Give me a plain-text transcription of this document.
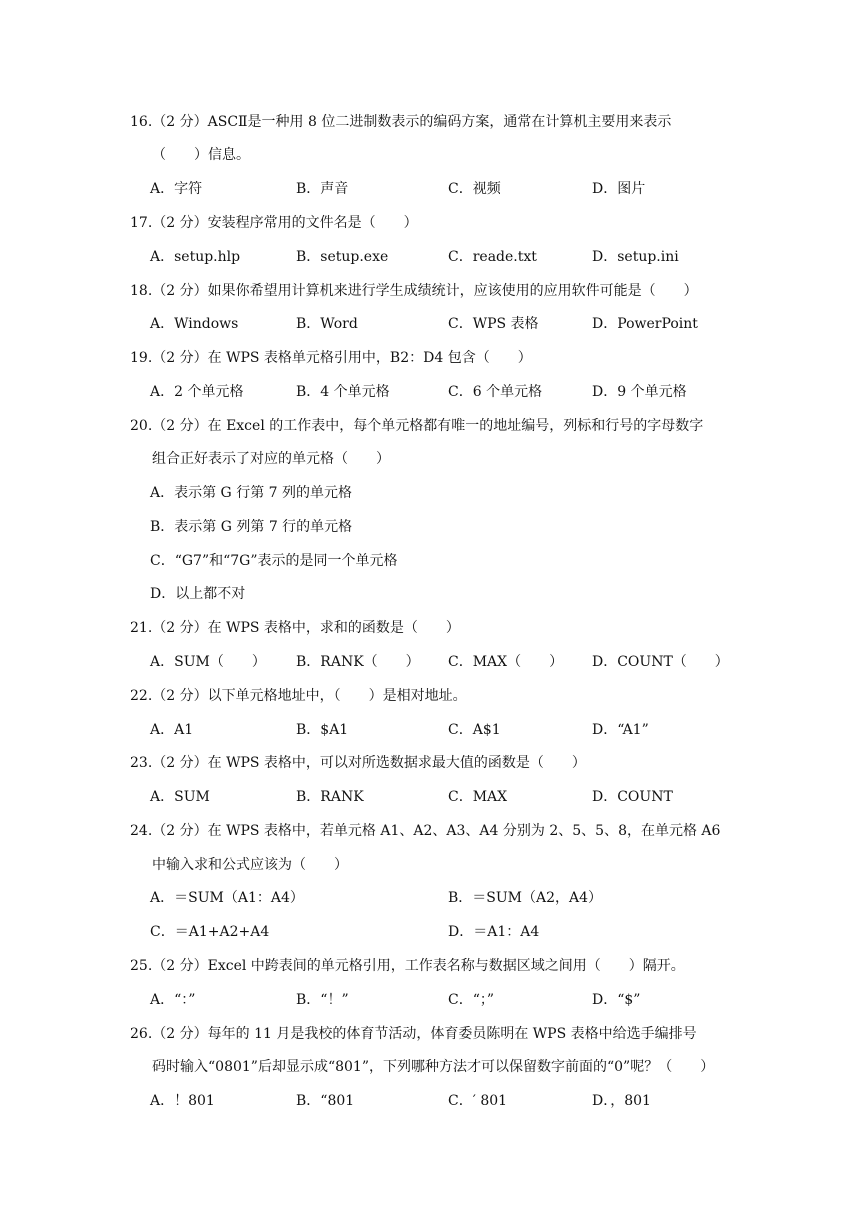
16.（2 分）ASCⅡ是一种用 8 位二进制数表示的编码方案，通常在计算机主要用来表示
（　　）信息。
A．字符	B．声音	C．视频	D．图片
17.（2 分）安装程序常用的文件名是（　　）
A．setup.hlp	B．setup.exe	C．reade.txt	D．setup.ini
18.（2 分）如果你希望用计算机来进行学生成绩统计，应该使用的应用软件可能是（　　）
A．Windows	B．Word	C．WPS 表格	D．PowerPoint
19.（2 分）在 WPS 表格单元格引用中，B2：D4 包含（　　）
A．2 个单元格	B．4 个单元格	C．6 个单元格	D．9 个单元格
20.（2 分）在 Excel 的工作表中，每个单元格都有唯一的地址编号，列标和行号的字母数字
组合正好表示了对应的单元格（　　）
A．表示第 G 行第 7 列的单元格
B．表示第 G 列第 7 行的单元格
C．“G7”和“7G”表示的是同一个单元格
D．以上都不对
21.（2 分）在 WPS 表格中，求和的函数是（　　）
A．SUM（　　） B．RANK（　　） C．MAX（　　） D．COUNT（　　）
22.（2 分）以下单元格地址中，（　　）是相对地址。
A．A1	B．$A1	C．A$1	D．“A1”
23.（2 分）在 WPS 表格中，可以对所选数据求最大值的函数是（　　）
A．SUM	B．RANK	C．MAX	D．COUNT
24.（2 分）在 WPS 表格中，若单元格 A1、A2、A3、A4 分别为 2、5、5、8，在单元格 A6
中输入求和公式应该为（　　）
A．＝SUM（A1：A4）	B．＝SUM（A2，A4）
C．＝A1+A2+A4	D．＝A1：A4
25.（2 分）Excel 中跨表间的单元格引用，工作表名称与数据区域之间用（　　）隔开。
A．“：”	B．“！”	C．“；”	D．“$”
26.（2 分）每年的 11 月是我校的体育节活动，体育委员陈明在 WPS 表格中给选手编排号
码时输入“0801”后却显示成“801”，下列哪种方法才可以保留数字前面的“0”呢？（　　）
A．！801	B．“801	C．′ 801	D．，801
